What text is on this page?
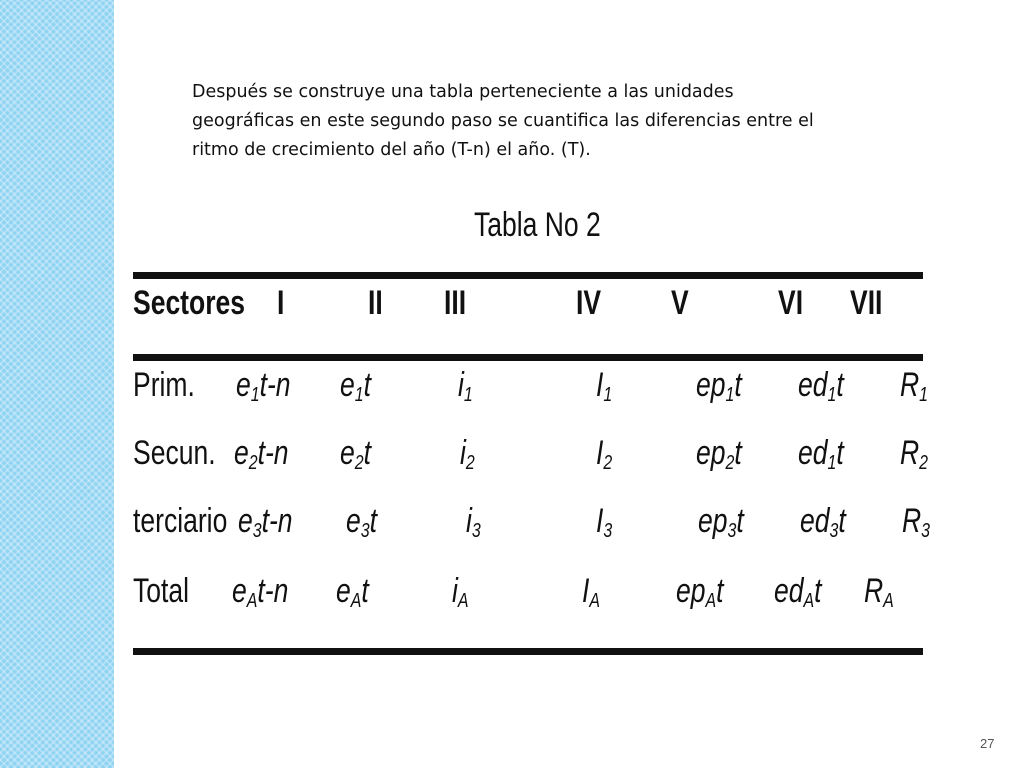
Después se construye una tabla perteneciente a las unidades

geográficas en este segundo paso se cuantifica las diferencias entre el

ritmo de crecimiento del año (T-n) el año. (T).

Tabla No 2
Sectores I II III	IV V	VI VII
Prim. $e_1t-n$ $e_1t$	$i_1$	$I_1$ $ep_1t$ $ed_1t$ $R_1$
Secun. $e_2t-n$ $e_2t$	$i_2$	$I_2$ $ep_2t$ $ed_1t$ $R_2$
terciario $e_3t-n$ $e_3t$	$i_3$	$I_3$	$ep_3t$ $ed_3t$ $R_3$
Total $e_At-n$ $e_At$ $i_A$	$I_A$ $ep_At$ $ed_At$ $R_A$
27
